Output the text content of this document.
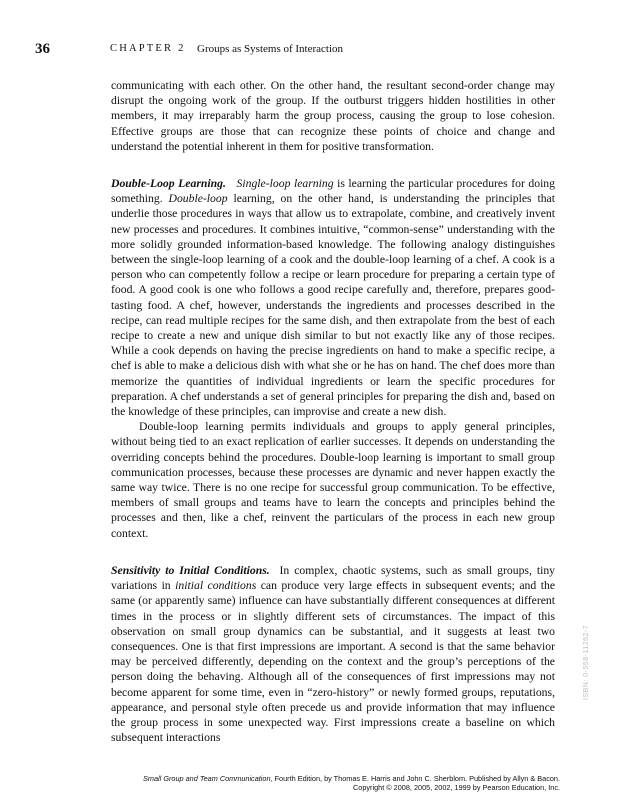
36	CHAPTER 2 Groups as Systems of Interaction

communicating with each other. On the other hand, the resultant second-order change may disrupt the ongoing work of the group. If the outburst triggers hidden hostilities in other members, it may irreparably harm the group process, causing the group to lose cohesion. Effective groups are those that can recognize these points of choice and change and understand the potential inherent in them for positive transformation.

Double-Loop Learning. Single-loop learning is learning the particular procedures for doing something. Double-loop learning, on the other hand, is understanding the principles that underlie those procedures in ways that allow us to extrapolate, combine, and creatively invent new processes and procedures. It combines intuitive, “common-sense” understanding with the more solidly grounded information-based knowledge. The following analogy distinguishes between the single-loop learning of a cook and the double-loop learning of a chef. A cook is a person who can competently follow a recipe or learn procedure for preparing a certain type of food. A good cook is one who follows a good recipe carefully and, therefore, prepares good-tasting food. A chef, however, understands the ingredients and processes described in the recipe, can read multiple recipes for the same dish, and then extrapolate from the best of each recipe to create a new and unique dish similar to but not exactly like any of those recipes. While a cook depends on having the precise ingredients on hand to make a specific recipe, a chef is able to make a delicious dish with what she or he has on hand. The chef does more than memorize the quantities of individual ingredients or learn the specific procedures for preparation. A chef understands a set of general principles for preparing the dish and, based on the knowledge of these principles, can improvise and create a new dish.

Double-loop learning permits individuals and groups to apply general principles, without being tied to an exact replication of earlier successes. It depends on understanding the overriding concepts behind the procedures. Double-loop learning is important to small group communication processes, because these processes are dynamic and never happen exactly the same way twice. There is no one recipe for successful group communication. To be effective, members of small groups and teams have to learn the concepts and principles behind the processes and then, like a chef, reinvent the particulars of the process in each new group context.

Sensitivity to Initial Conditions.  In complex, chaotic systems, such as small groups, tiny variations in initial conditions can produce very large effects in subsequent events; and the same (or apparently same) influence can have substantially different consequences at different times in the process or in slightly different sets of circumstances. The impact of this observation on small group dynamics can be substantial, and it suggests at least two consequences. One is that first impressions are important. A second is that the same behavior may be perceived differently, depending on the context and the group’s perceptions of the person doing the behaving. Although all of the consequences of first impressions may not become apparent for some time, even in “zero-history” or newly formed groups, reputations, appearance, and personal style often precede us and provide information that may influence the group process in some unexpected way. First impressions create a baseline on which subsequent interactions

ISBN: 0-558-11262-7
Small Group and Team Communication, Fourth Edition, by Thomas E. Harris and John C. Sherblom. Published by Allyn & Bacon.
Copyright © 2008, 2005, 2002, 1999 by Pearson Education, Inc.
